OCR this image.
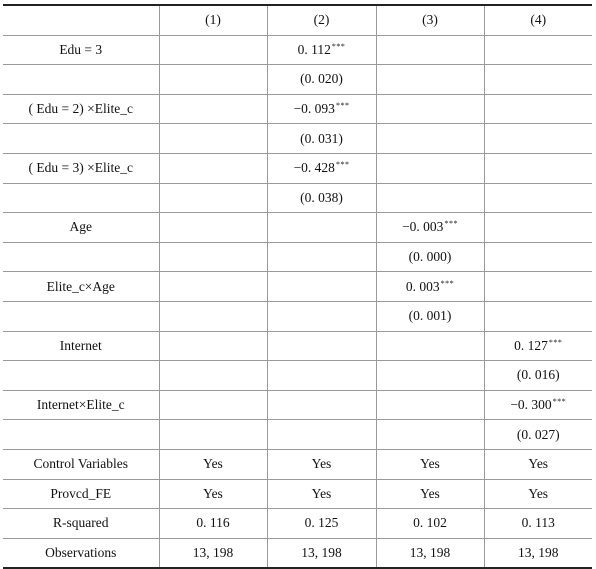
	(1)	(2)	(3)	(4)
Edu = 3		0. 112***		
		(0. 020)		
( Edu = 2) ×Elite_c		−0. 093***		
		(0. 031)		
( Edu = 3) ×Elite_c		−0. 428***		
		(0. 038)		
Age			−0. 003***	
			(0. 000)	
Elite_c×Age			0. 003***	
			(0. 001)	
Internet				0. 127***
				(0. 016)
Internet×Elite_c				−0. 300***
				(0. 027)
Control Variables	Yes	Yes	Yes	Yes
Provcd_FE	Yes	Yes	Yes	Yes
R-squared	0. 116	0. 125	0. 102	0. 113
Observations	13, 198	13, 198	13, 198	13, 198
